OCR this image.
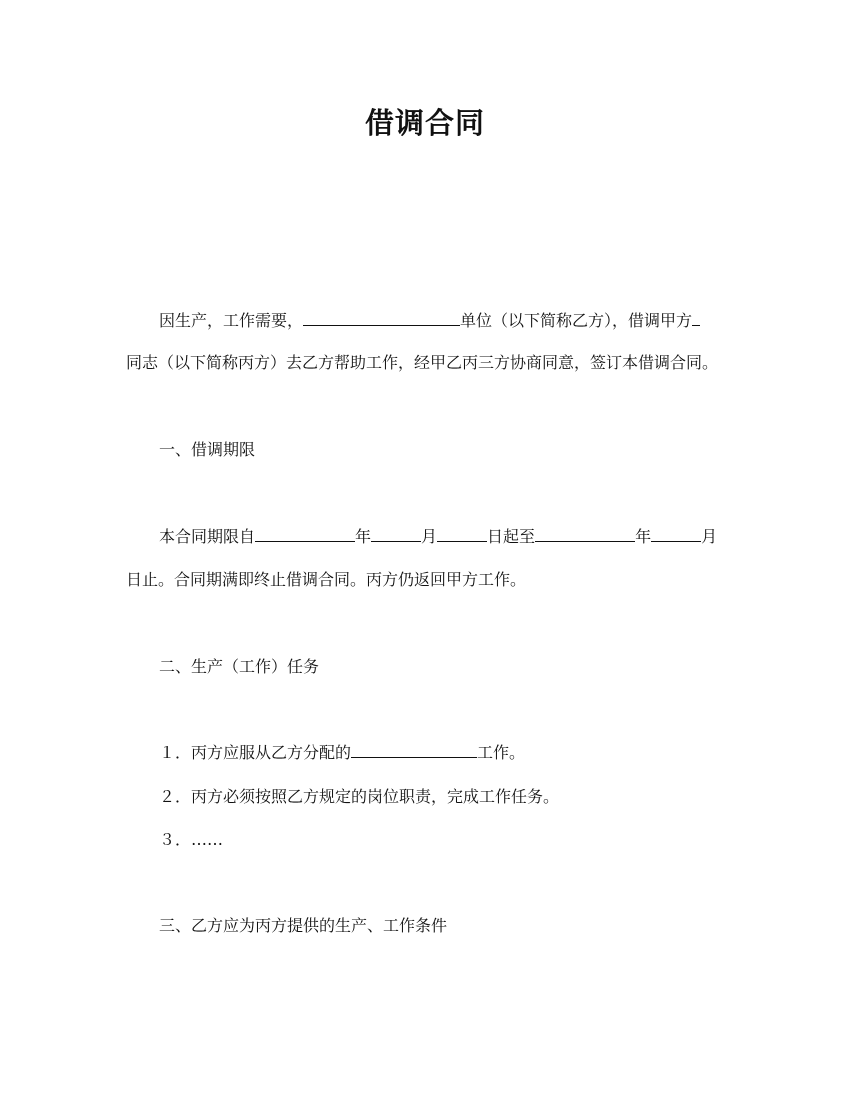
借调合同
因生产，工作需要，	单位（以下简称乙方），借调甲方
同志（以下简称丙方）去乙方帮助工作，经甲乙丙三方协商同意，签订本借调合同。
一、借调期限
本合同期限自	年	月	日起至	年	月
日止。合同期满即终止借调合同。丙方仍返回甲方工作。
二、生产（工作）任务
１．丙方应服从乙方分配的	工作。
２．丙方必须按照乙方规定的岗位职责，完成工作任务。
３．……
三、乙方应为丙方提供的生产、工作条件
